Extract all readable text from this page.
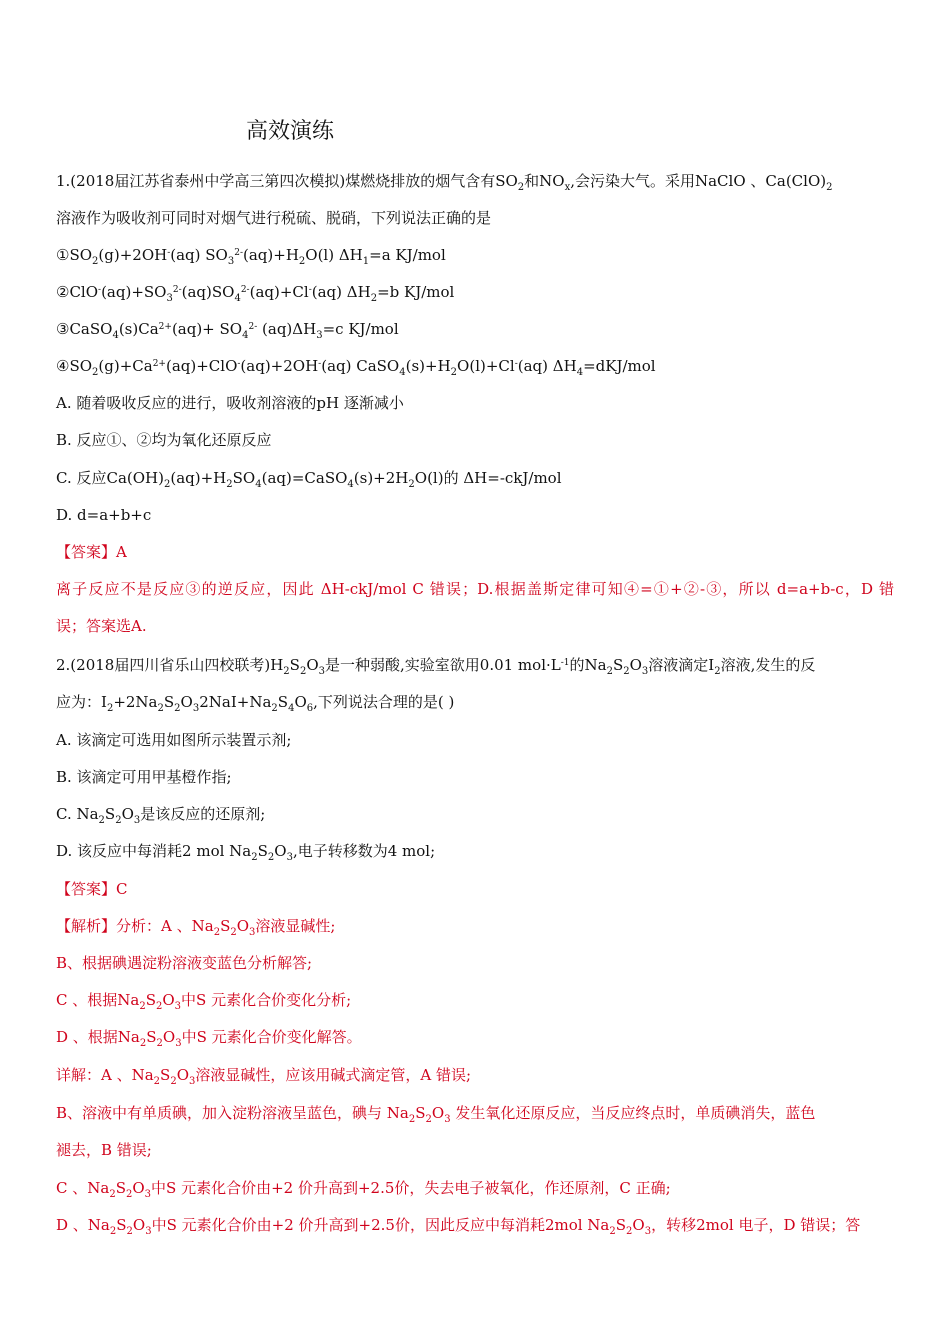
高效演练
1.(2018届江苏省泰州中学高三第四次模拟)煤燃烧排放的烟气含有$SO_2$和$NO_x$,会污染大气。采用NaClO 、$Ca(ClO)_2$
溶液作为吸收剂可同时对烟气进行税硫、脱硝，下列说法正确的是
$①SO_2(g)+2OH^-(aq)$ $SO_3^{2-}(aq)+H_2O(l)$ $\Delta H_1=a$ KJ/mol
$②ClO^-(aq)+SO_3^{2-}(aq)SO_4^{2-}(aq)+Cl^-(aq)$ $\Delta H_2=b$ KJ/mol
$③CaSO_4(s)Ca^{2+}(aq)+ SO_4^{2-}$ $(aq)\Delta H_3=c$ KJ/mol
$④SO_2(g)+Ca^{2+}(aq)+ClO^-(aq)+2OH^-(aq)$ $CaSO_4(s)+H_2O(l)+Cl^-(aq)$ $\Delta H_4=dKJ$/mol
A. 随着吸收反应的进行，吸收剂溶液的pH 逐渐减小
B. 反应①、②均为氧化还原反应
C. 反应$Ca(OH)_2(aq)+H_2SO_4(aq)=CaSO_4(s)+2H_2O(l)$的 ΔH=-ckJ/mol
D. d=a+b+c
【答案】A
离子反应不是反应③的逆反应，因此 ΔH-ckJ/mol C 错误；D.根据盖斯定律可知④=①+②-③，所以 d=a+b-c，D 错
误；答案选A.
2.(2018届四川省乐山四校联考)$H_2S_2O_3$是一种弱酸,实验室欲用0.01 $mol\cdot L^{-1}$的$Na_2S_2O_3$溶液滴定$I_2$溶液,发生的反
应为：$I_2+2Na_2S_2O_32NaI+Na_2S_4O_6$,下列说法合理的是( )
A. 该滴定可选用如图所示装置示剂;
B. 该滴定可用甲基橙作指;
C. $Na_2S_2O_3$是该反应的还原剂;
D. 该反应中每消耗2 mol $Na_2S_2O_3$,电子转移数为4 mol;
【答案】C
【解析】分析：A 、$Na_2S_2O_3$溶液显碱性;
B、根据碘遇淀粉溶液变蓝色分析解答;
C 、根据$Na_2S_2O_3$中S 元素化合价变化分析;
D 、根据$Na_2S_2O_3$中S 元素化合价变化解答。
详解：A 、$Na_2S_2O_3$溶液显碱性，应该用碱式滴定管，A 错误;
B、溶液中有单质碘，加入淀粉溶液呈蓝色，碘与 $Na_2S_2O_3$ 发生氧化还原反应，当反应终点时，单质碘消失，蓝色
褪去，B 错误;
C 、$Na_2S_2O_3$中S 元素化合价由+2 价升高到+2.5价，失去电子被氧化，作还原剂，C 正确;
D 、$Na_2S_2O_3$中S 元素化合价由+2 价升高到+2.5价，因此反应中每消耗2mol $Na_2S_2O_3$，转移2mol 电子，D 错误；答
